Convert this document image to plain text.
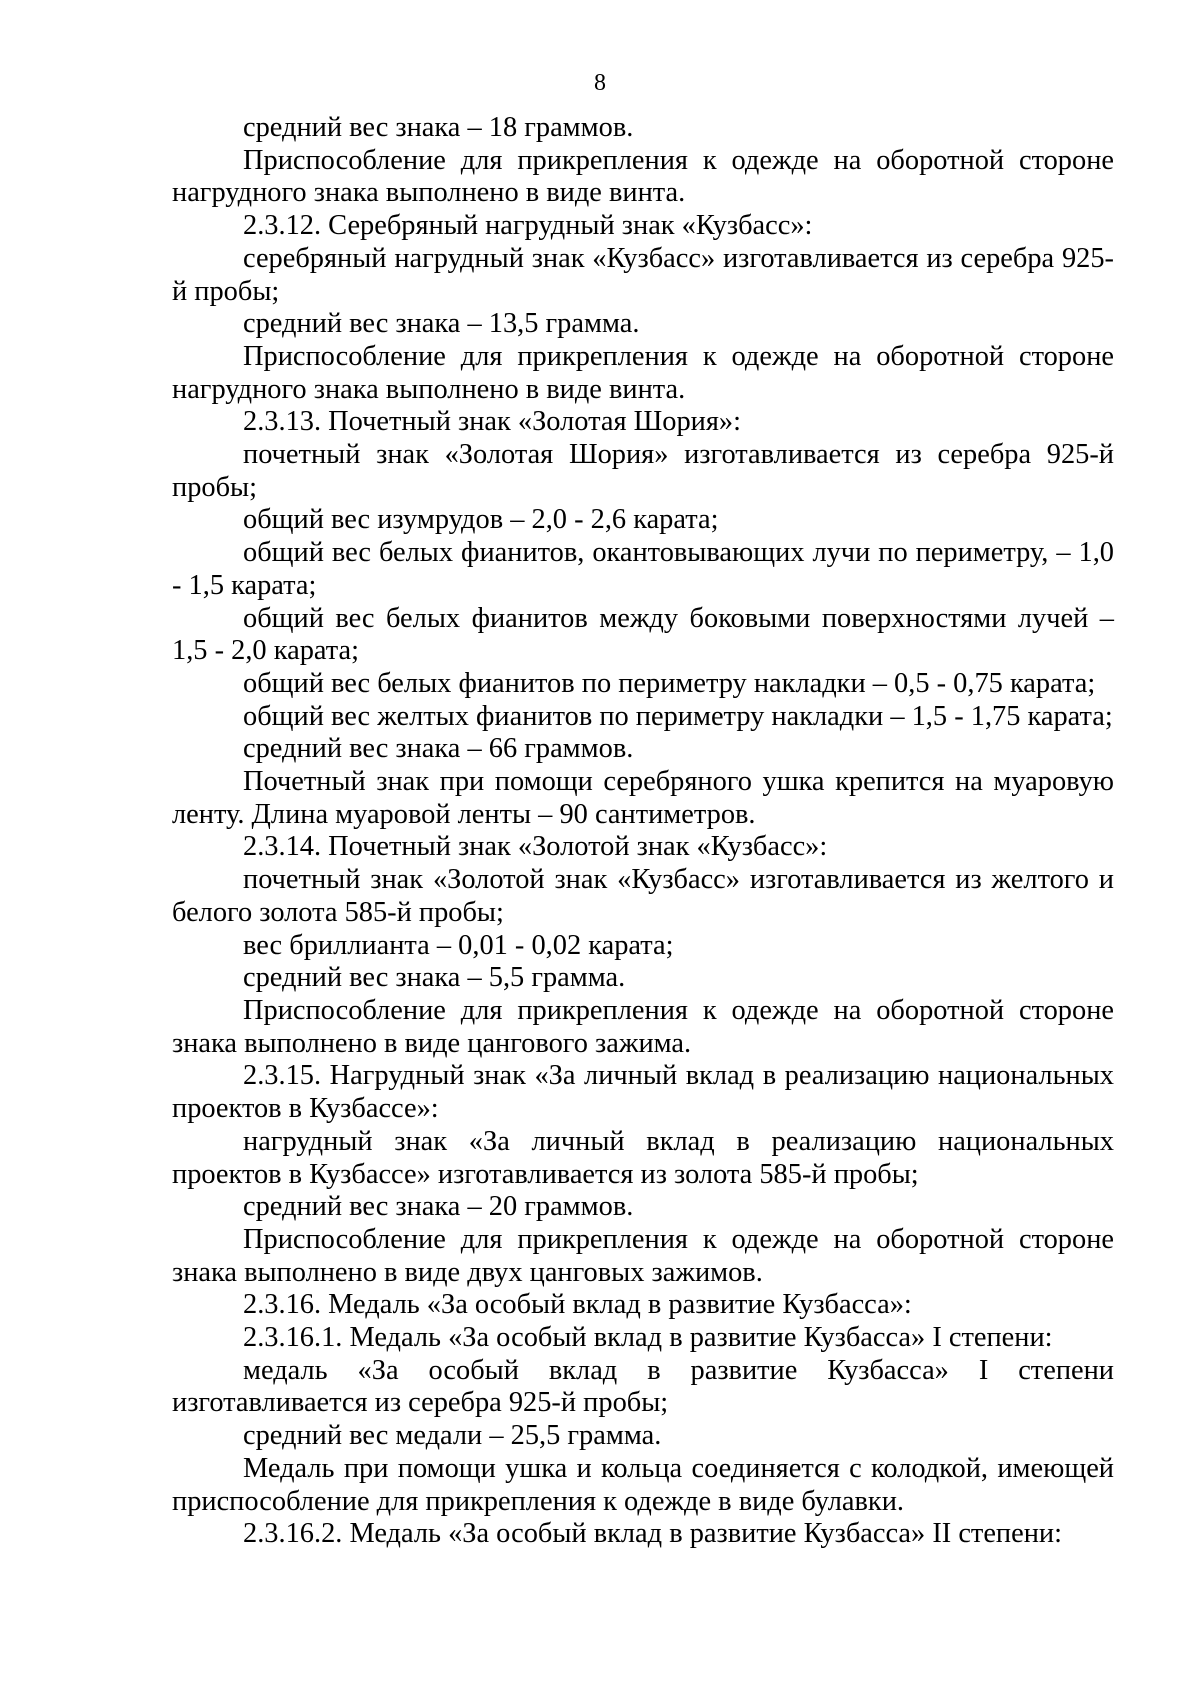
8

средний вес знака – 18 граммов.

Приспособление для прикрепления к одежде на оборотной стороне нагрудного знака выполнено в виде винта.

2.3.12. Серебряный нагрудный знак «Кузбасс»:

серебряный нагрудный знак «Кузбасс» изготавливается из серебра 925-й пробы;

средний вес знака – 13,5 грамма.

Приспособление для прикрепления к одежде на оборотной стороне нагрудного знака выполнено в виде винта.

2.3.13. Почетный знак «Золотая Шория»:

почетный знак «Золотая Шория» изготавливается из серебра 925-й пробы;

общий вес изумрудов – 2,0 - 2,6 карата;

общий вес белых фианитов, окантовывающих лучи по периметру, – 1,0 - 1,5 карата;

общий вес белых фианитов между боковыми поверхностями лучей – 1,5 - 2,0 карата;

общий вес белых фианитов по периметру накладки – 0,5 - 0,75 карата;

общий вес желтых фианитов по периметру накладки – 1,5 - 1,75 карата;

средний вес знака – 66 граммов.

Почетный знак при помощи серебряного ушка крепится на муаровую ленту. Длина муаровой ленты – 90 сантиметров.

2.3.14. Почетный знак «Золотой знак «Кузбасс»:

почетный знак «Золотой знак «Кузбасс» изготавливается из желтого и белого золота 585-й пробы;

вес бриллианта – 0,01 - 0,02 карата;

средний вес знака – 5,5 грамма.

Приспособление для прикрепления к одежде на оборотной стороне знака выполнено в виде цангового зажима.

2.3.15. Нагрудный знак «За личный вклад в реализацию национальных проектов в Кузбассе»:

нагрудный знак «За личный вклад в реализацию национальных проектов в Кузбассе» изготавливается из золота 585-й пробы;

средний вес знака – 20 граммов.

Приспособление для прикрепления к одежде на оборотной стороне знака выполнено в виде двух цанговых зажимов.

2.3.16. Медаль «За особый вклад в развитие Кузбасса»:

2.3.16.1. Медаль «За особый вклад в развитие Кузбасса» I степени:

медаль «За особый вклад в развитие Кузбасса» I степени изготавливается из серебра 925-й пробы;

средний вес медали – 25,5 грамма.

Медаль при помощи ушка и кольца соединяется с колодкой, имеющей приспособление для прикрепления к одежде в виде булавки.

2.3.16.2. Медаль «За особый вклад в развитие Кузбасса» II степени:
